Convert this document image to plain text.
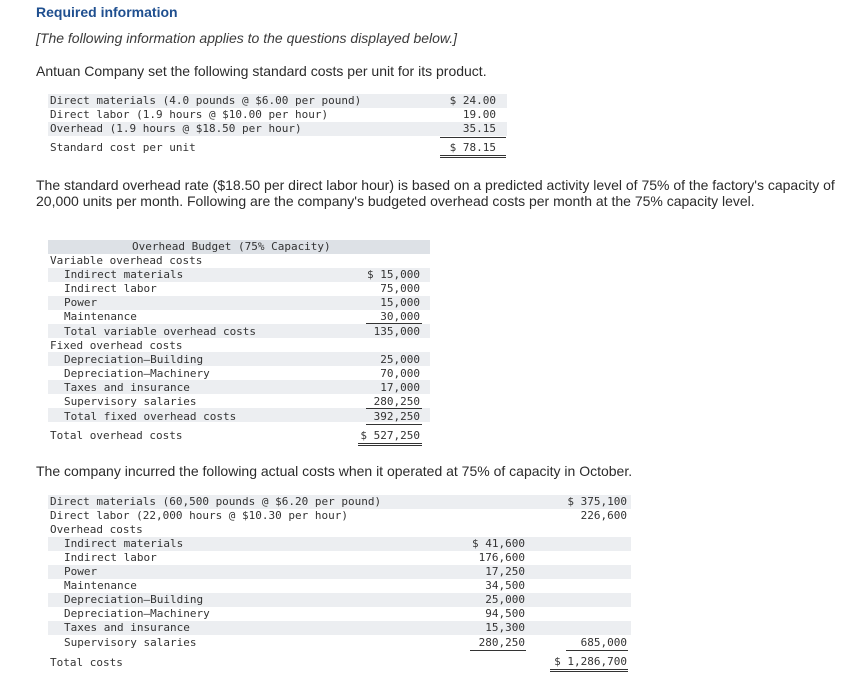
Required information
[The following information applies to the questions displayed below.]
Antuan Company set the following standard costs per unit for its product.
Direct materials (4.0 pounds @ $6.00 per pound)	$ 24.00
Direct labor (1.9 hours @ $10.00 per hour)	19.00
Overhead (1.9 hours @ $18.50 per hour)	35.15
Standard cost per unit	$ 78.15
The standard overhead rate ($18.50 per direct labor hour) is based on a predicted activity level of 75% of the factory's capacity of 20,000 units per month. Following are the company's budgeted overhead costs per month at the 75% capacity level.
Overhead Budget (75% Capacity)
Variable overhead costs
Indirect materials	$ 15,000
Indirect labor	75,000
Power	15,000
Maintenance	30,000
Total variable overhead costs	135,000
Fixed overhead costs
Depreciation—Building	25,000
Depreciation—Machinery	70,000
Taxes and insurance	17,000
Supervisory salaries	280,250
Total fixed overhead costs	392,250
Total overhead costs	$ 527,250
The company incurred the following actual costs when it operated at 75% of capacity in October.
Direct materials (60,500 pounds @ $6.20 per pound)	$ 375,100
Direct labor (22,000 hours @ $10.30 per hour)	226,600
Overhead costs
Indirect materials	$ 41,600
Indirect labor	176,600
Power	17,250
Maintenance	34,500
Depreciation—Building	25,000
Depreciation—Machinery	94,500
Taxes and insurance	15,300
Supervisory salaries	280,250	685,000
Total costs	$ 1,286,700
